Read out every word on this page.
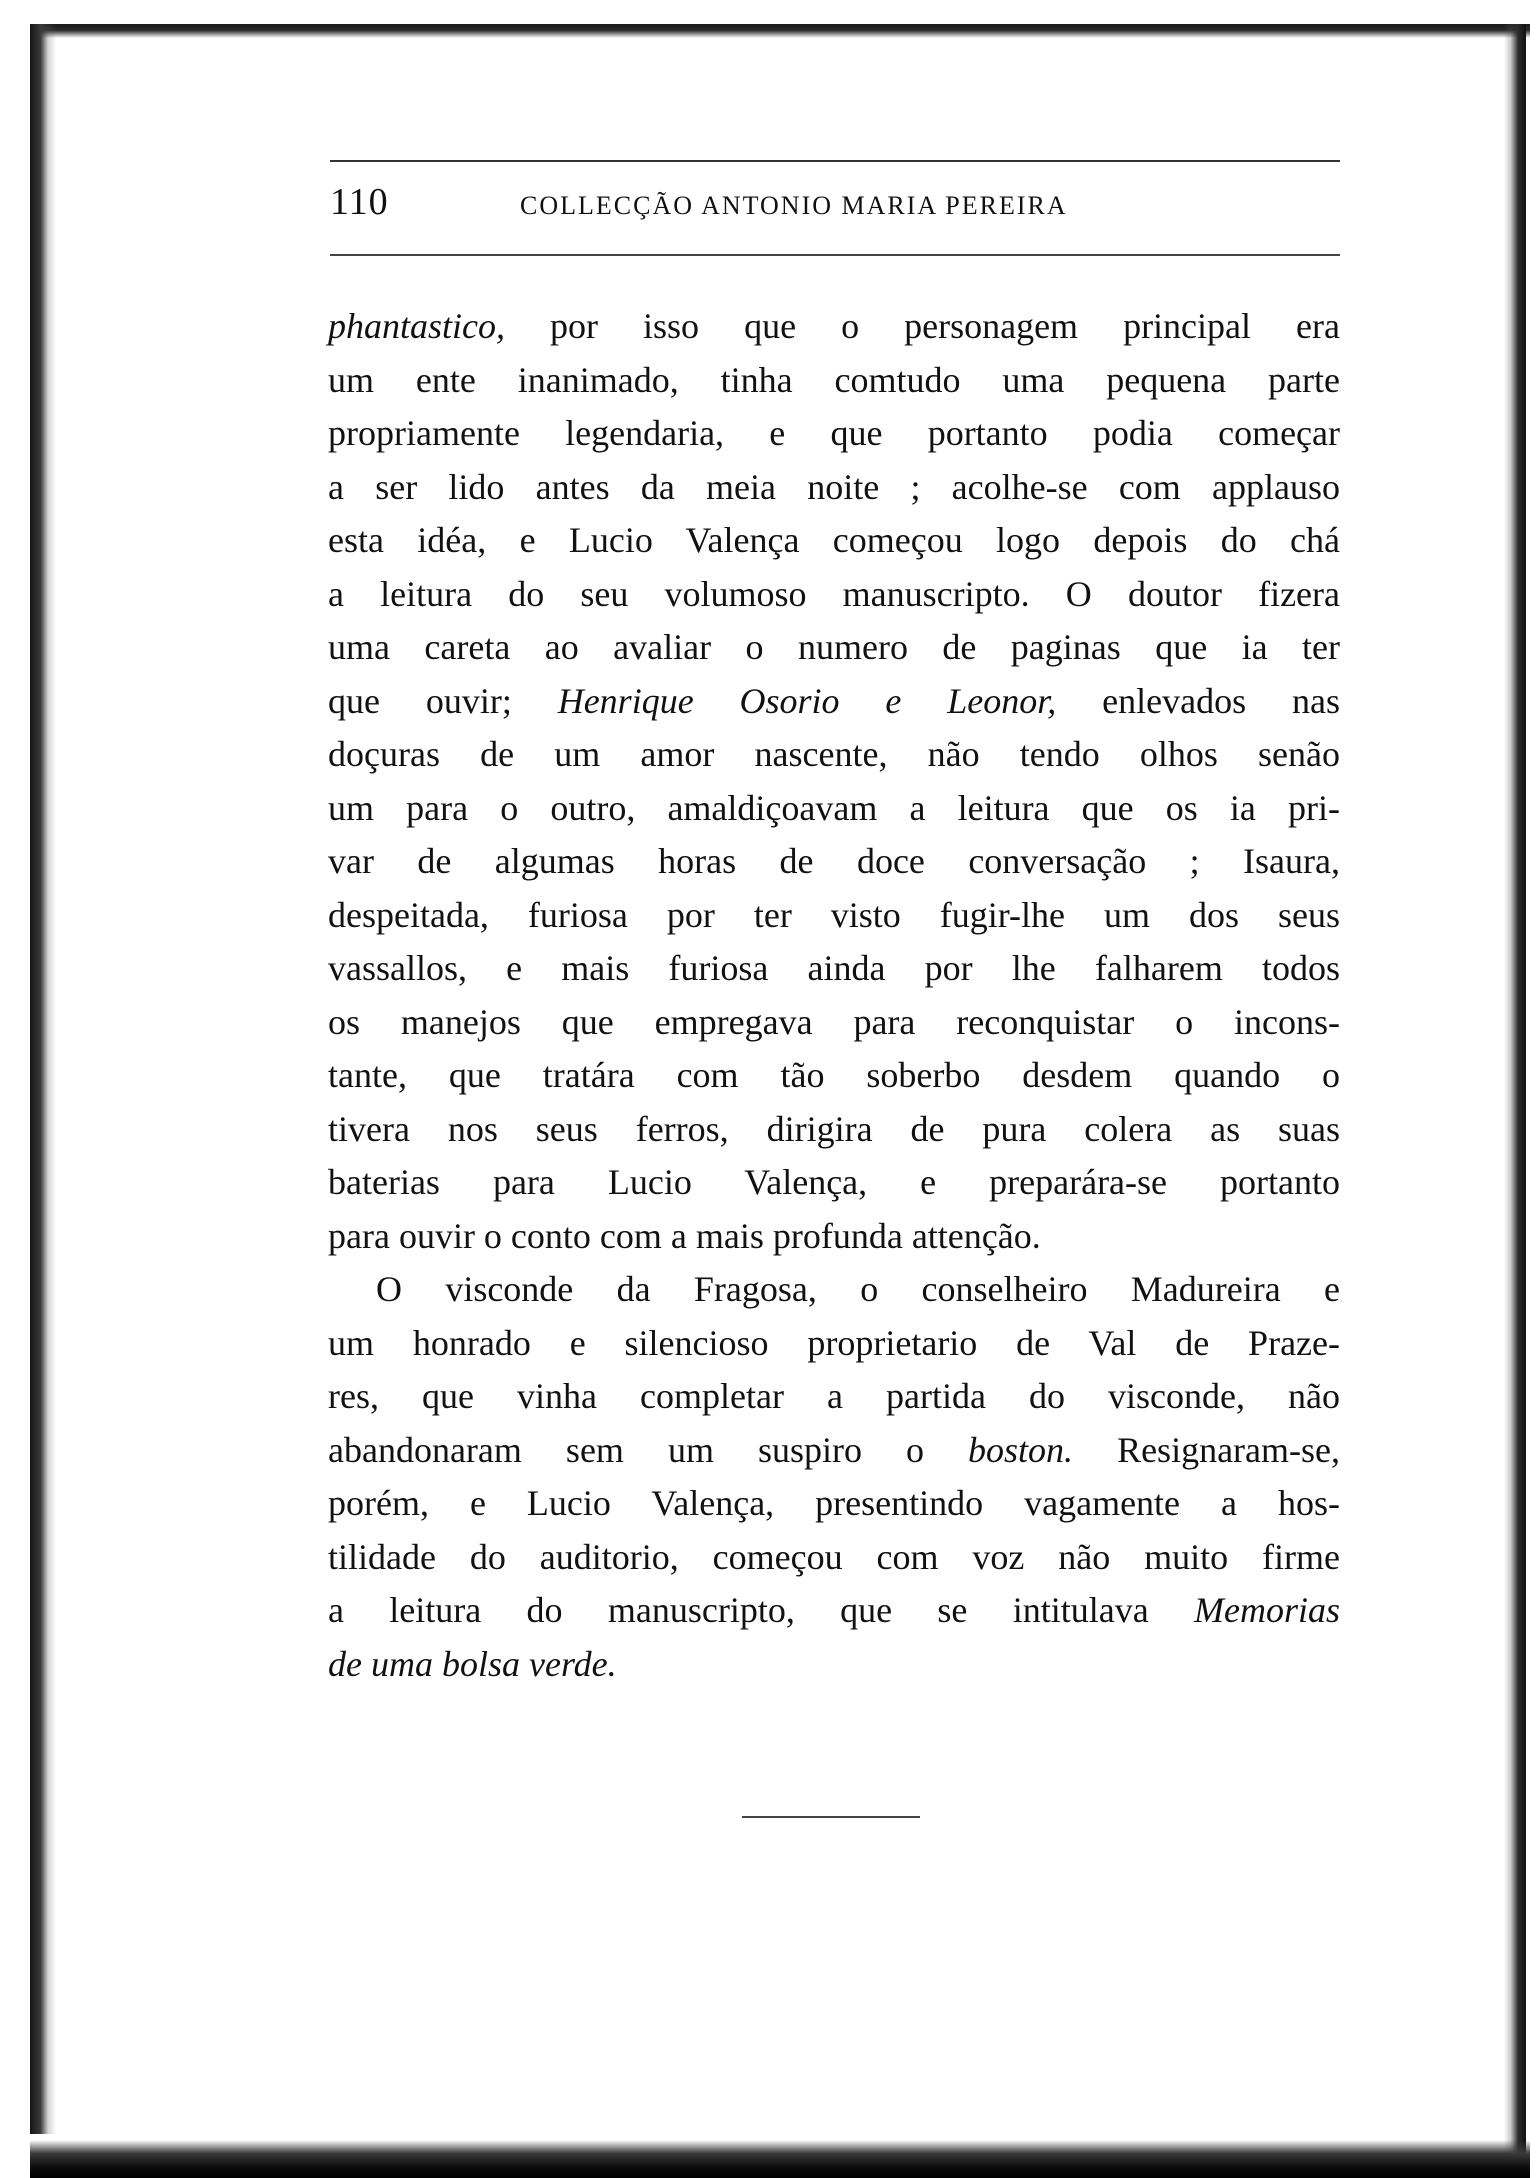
110	COLLECÇÃO ANTONIO MARIA PEREIRA
phantastico, por isso que o personagem principal era
um ente inanimado, tinha comtudo uma pequena parte
propriamente legendaria, e que portanto podia começar
a ser lido antes da meia noite ; acolhe-se com applauso
esta idéa, e Lucio Valença começou logo depois do chá
a leitura do seu volumoso manuscripto. O doutor fizera
uma careta ao avaliar o numero de paginas que ia ter
que ouvir; Henrique Osorio e Leonor, enlevados nas
doçuras de um amor nascente, não tendo olhos senão
um para o outro, amaldiçoavam a leitura que os ia pri-
var de algumas horas de doce conversação ; Isaura,
despeitada, furiosa por ter visto fugir-lhe um dos seus
vassallos, e mais furiosa ainda por lhe falharem todos
os manejos que empregava para reconquistar o incons-
tante, que tratára com tão soberbo desdem quando o
tivera nos seus ferros, dirigira de pura colera as suas
baterias para Lucio Valença, e preparára-se portanto
para ouvir o conto com a mais profunda attenção.
O visconde da Fragosa, o conselheiro Madureira e
um honrado e silencioso proprietario de Val de Praze-
res, que vinha completar a partida do visconde, não
abandonaram sem um suspiro o boston. Resignaram-se,
porém, e Lucio Valença, presentindo vagamente a hos-
tilidade do auditorio, começou com voz não muito firme
a leitura do manuscripto, que se intitulava Memorias
de uma bolsa verde.
